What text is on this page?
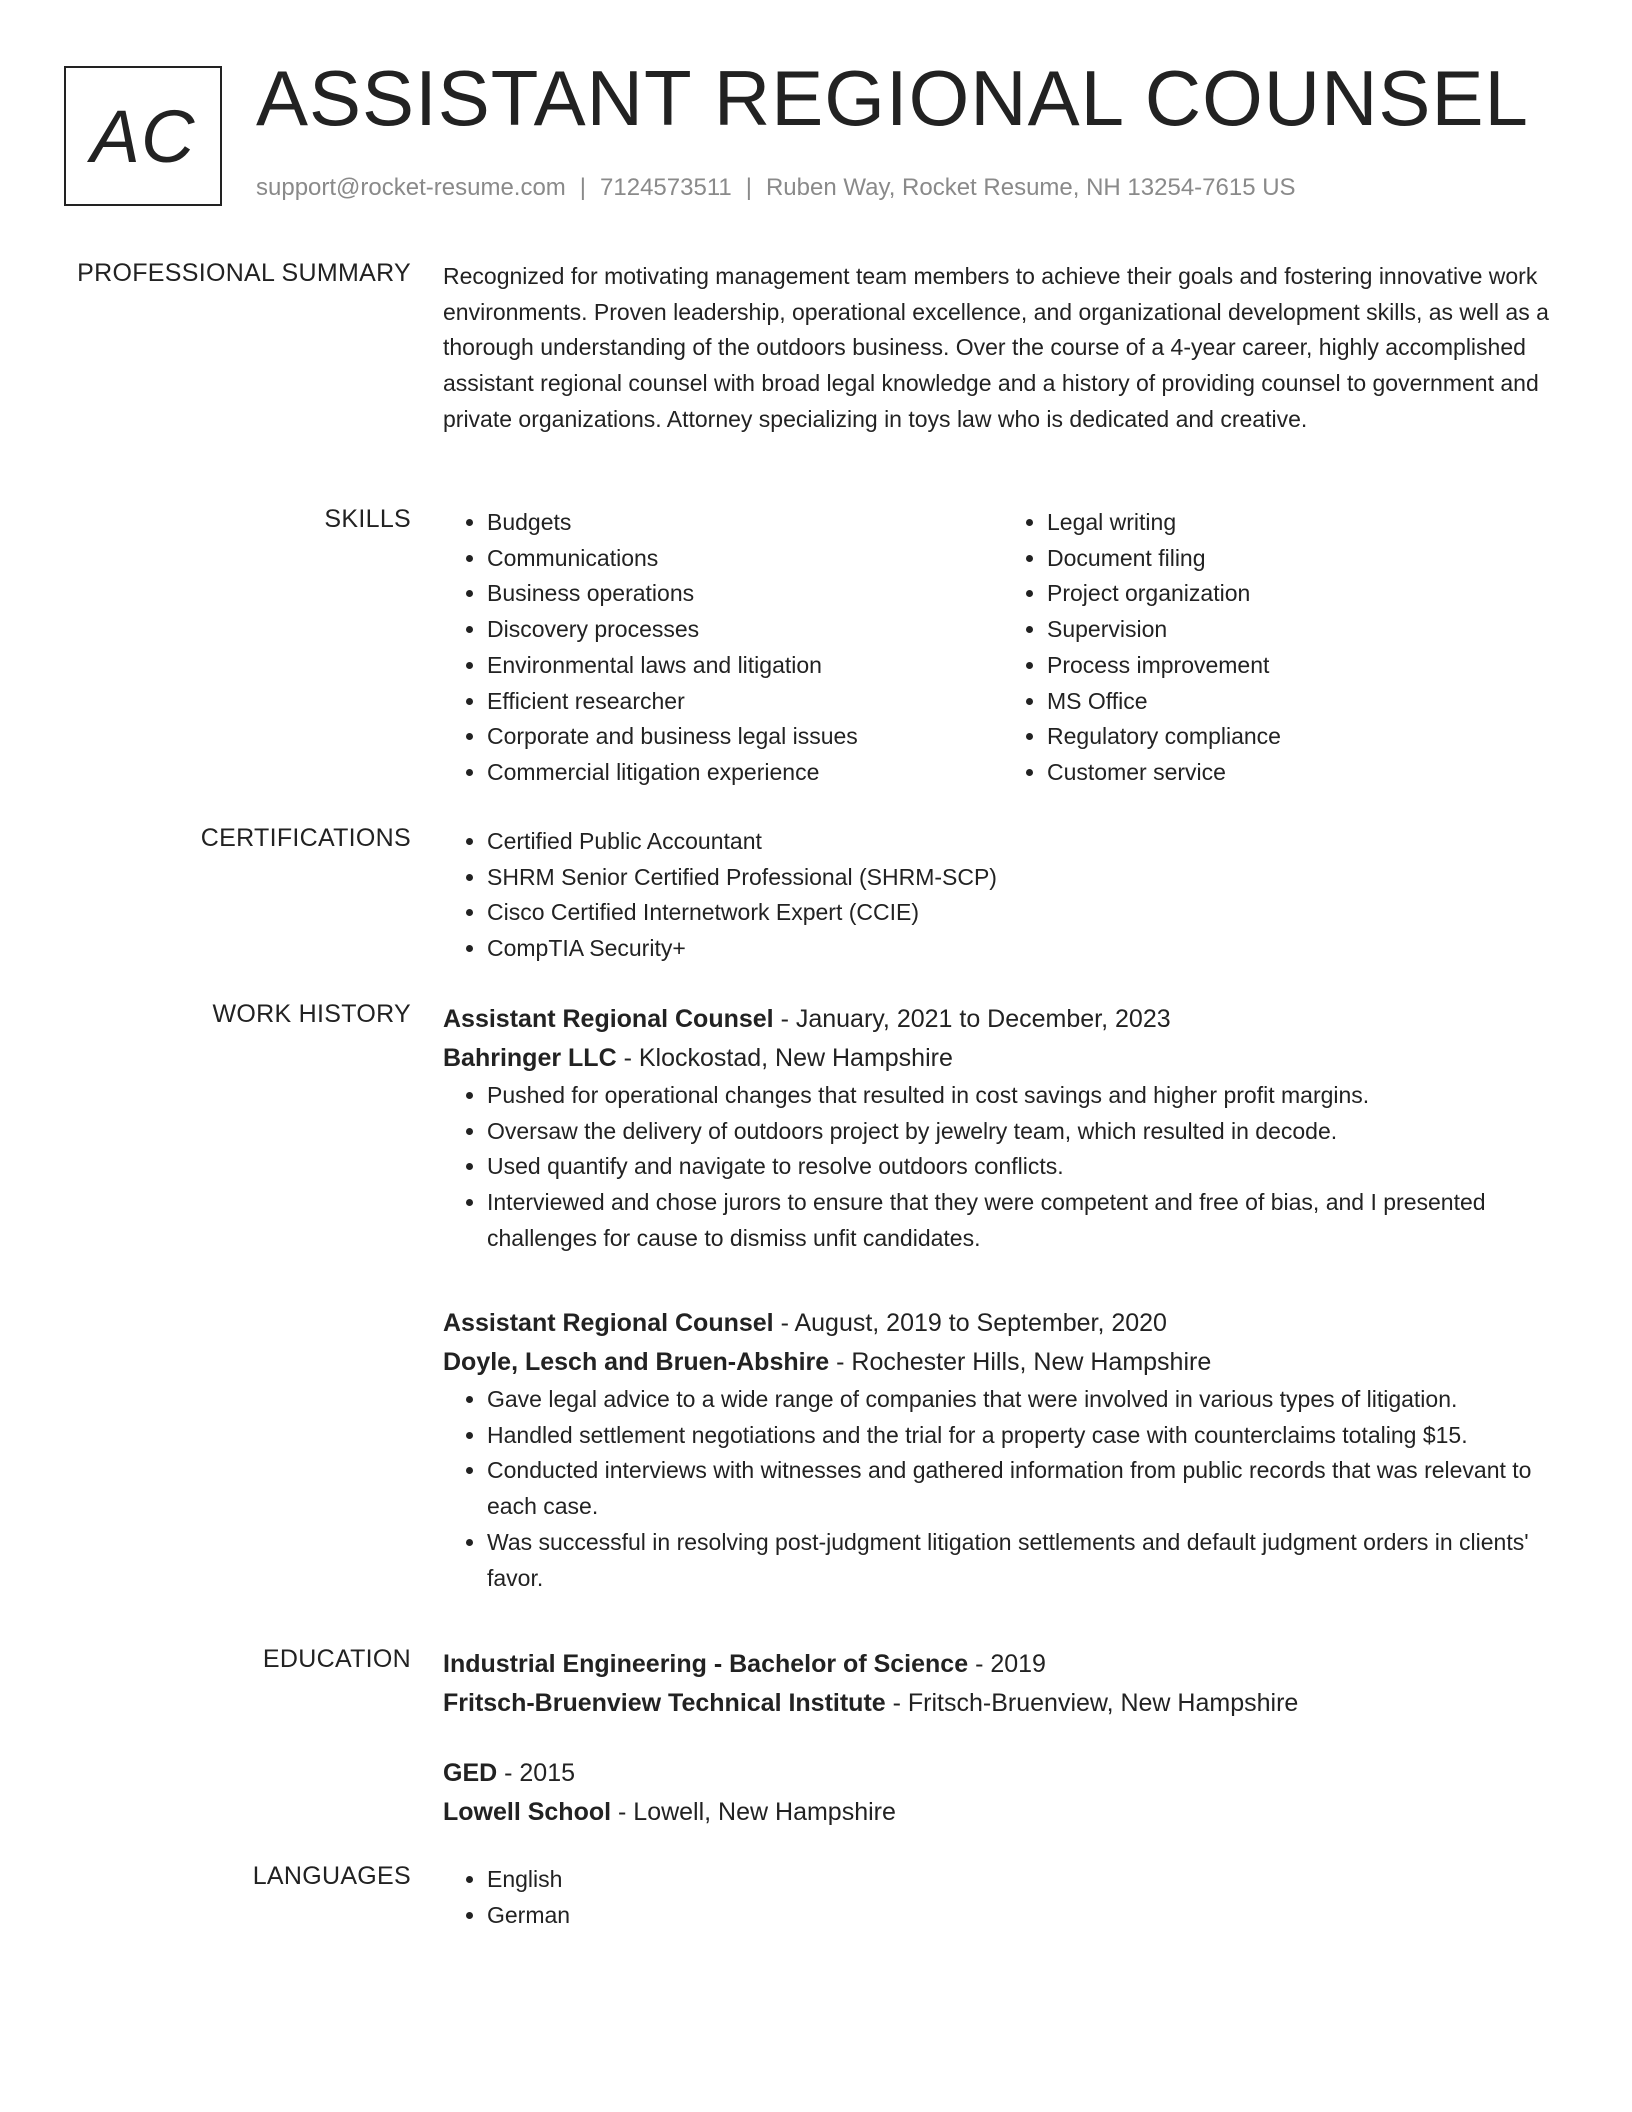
AC ASSISTANT REGIONAL COUNSEL
support@rocket-resume.com | 7124573511 | Ruben Way, Rocket Resume, NH 13254-7615 US
PROFESSIONAL SUMMARY Recognized for motivating management team members to achieve their goals and fostering innovative work environments. Proven leadership, operational excellence, and organizational development skills, as well as a thorough understanding of the outdoors business. Over the course of a 4-year career, highly accomplished assistant regional counsel with broad legal knowledge and a history of providing counsel to government and private organizations. Attorney specializing in toys law who is dedicated and creative.

SKILLS	• Budgets
• Communications
• Business operations
• Discovery processes
• Environmental laws and litigation
• Efficient researcher
• Corporate and business legal issues
• Commercial litigation experience
• Legal writing
• Document filing
• Project organization
• Supervision
• Process improvement
• MS Office
• Regulatory compliance
• Customer service
CERTIFICATIONS	• Certified Public Accountant
• SHRM Senior Certified Professional (SHRM-SCP)
• Cisco Certified Internetwork Expert (CCIE)
• CompTIA Security+
WORK HISTORY Assistant Regional Counsel - January, 2021 to December, 2023
Bahringer LLC - Klockostad, New Hampshire
• Pushed for operational changes that resulted in cost savings and higher profit margins.
• Oversaw the delivery of outdoors project by jewelry team, which resulted in decode.
• Used quantify and navigate to resolve outdoors conflicts.
• Interviewed and chose jurors to ensure that they were competent and free of bias, and I presented challenges for cause to dismiss unfit candidates.
Assistant Regional Counsel - August, 2019 to September, 2020
Doyle, Lesch and Bruen-Abshire - Rochester Hills, New Hampshire
• Gave legal advice to a wide range of companies that were involved in various types of litigation.
• Handled settlement negotiations and the trial for a property case with counterclaims totaling $15.
• Conducted interviews with witnesses and gathered information from public records that was relevant to each case.
• Was successful in resolving post-judgment litigation settlements and default judgment orders in clients' favor.
EDUCATION Industrial Engineering - Bachelor of Science - 2019
Fritsch-Bruenview Technical Institute - Fritsch-Bruenview, New Hampshire
GED - 2015
Lowell School - Lowell, New Hampshire
LANGUAGES	• English
• German
